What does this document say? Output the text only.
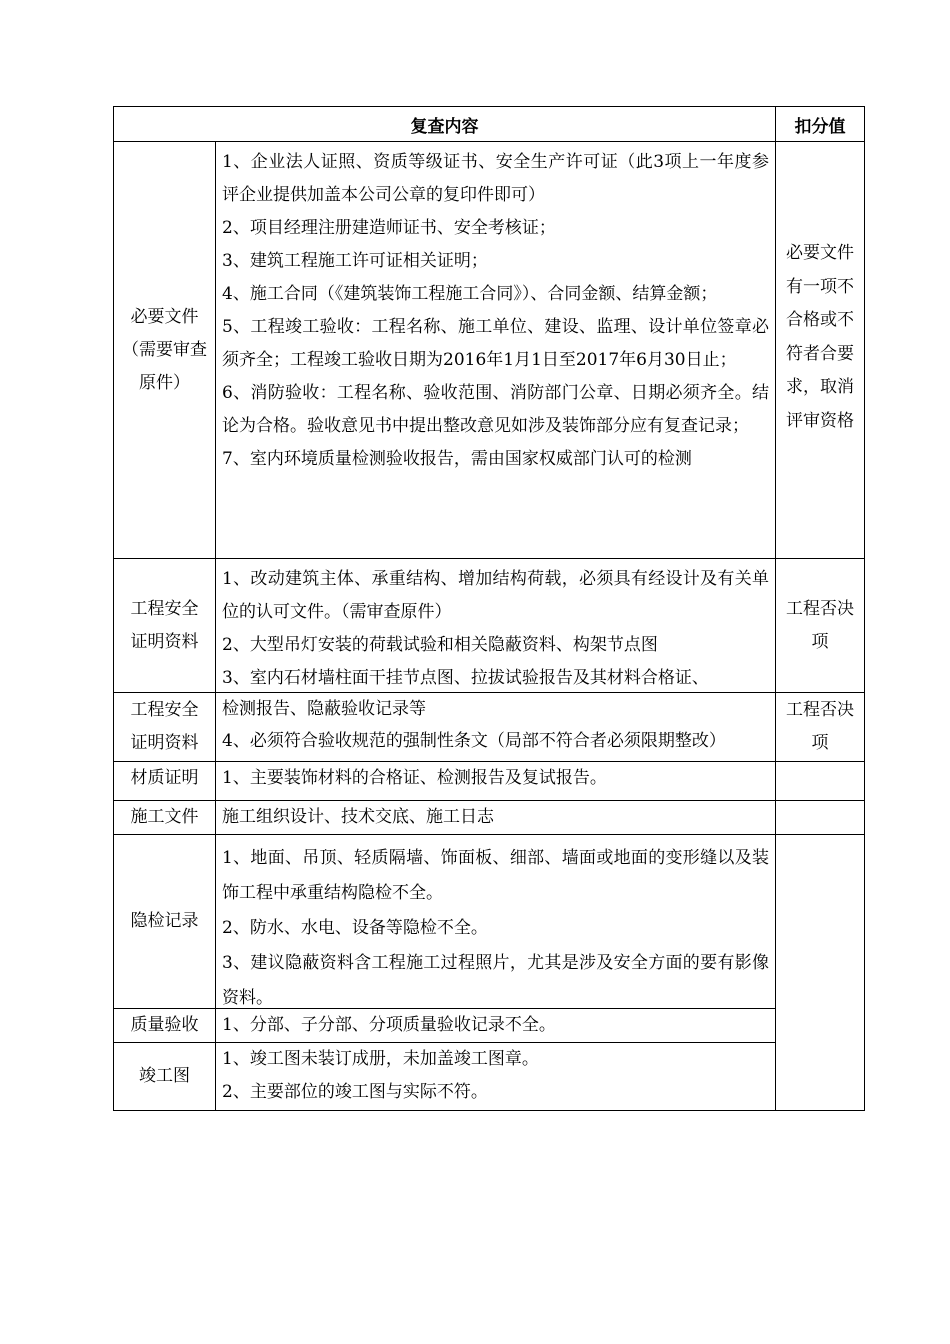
复查内容	扣分值
必要文件（需要审查原件）

1、企业法人证照、资质等级证书、安全生产许可证（此3项上一年度参评企业提供加盖本公司公章的复印件即可）

2、项目经理注册建造师证书、安全考核证；

3、建筑工程施工许可证相关证明；

4、施工合同（《建筑装饰工程施工合同》）、合同金额、结算金额；

5、工程竣工验收：工程名称、施工单位、建设、监理、设计单位签章必须齐全；工程竣工验收日期为2016年1月1日至2017年6月30日止；

6、消防验收：工程名称、验收范围、消防部门公章、日期必须齐全。结论为合格。验收意见书中提出整改意见如涉及装饰部分应有复查记录；

7、室内环境质量检测验收报告，需由国家权威部门认可的检测

必要文件有一项不合格或不符者合要求，取消评审资格
工程安全证明资料

1、改动建筑主体、承重结构、增加结构荷载，必须具有经设计及有关单位的认可文件。（需审查原件）

2、大型吊灯安装的荷载试验和相关隐蔽资料、构架节点图

3、室内石材墙柱面干挂节点图、拉拔试验报告及其材料合格证、

工程否决项
工程安全证明资料

检测报告、隐蔽验收记录等

4、必须符合验收规范的强制性条文（局部不符合者必须限期整改）

工程否决项
材质证明 1、主要装饰材料的合格证、检测报告及复试报告。

施工文件 施工组织设计、技术交底、施工日志

隐检记录

1、地面、吊顶、轻质隔墙、饰面板、细部、墙面或地面的变形缝以及装饰工程中承重结构隐检不全。

2、防水、水电、设备等隐检不全。

3、建议隐蔽资料含工程施工过程照片，尤其是涉及安全方面的要有影像资料。

质量验收 1、分部、子分部、分项质量验收记录不全。

竣工图

1、竣工图未装订成册，未加盖竣工图章。

2、主要部位的竣工图与实际不符。
